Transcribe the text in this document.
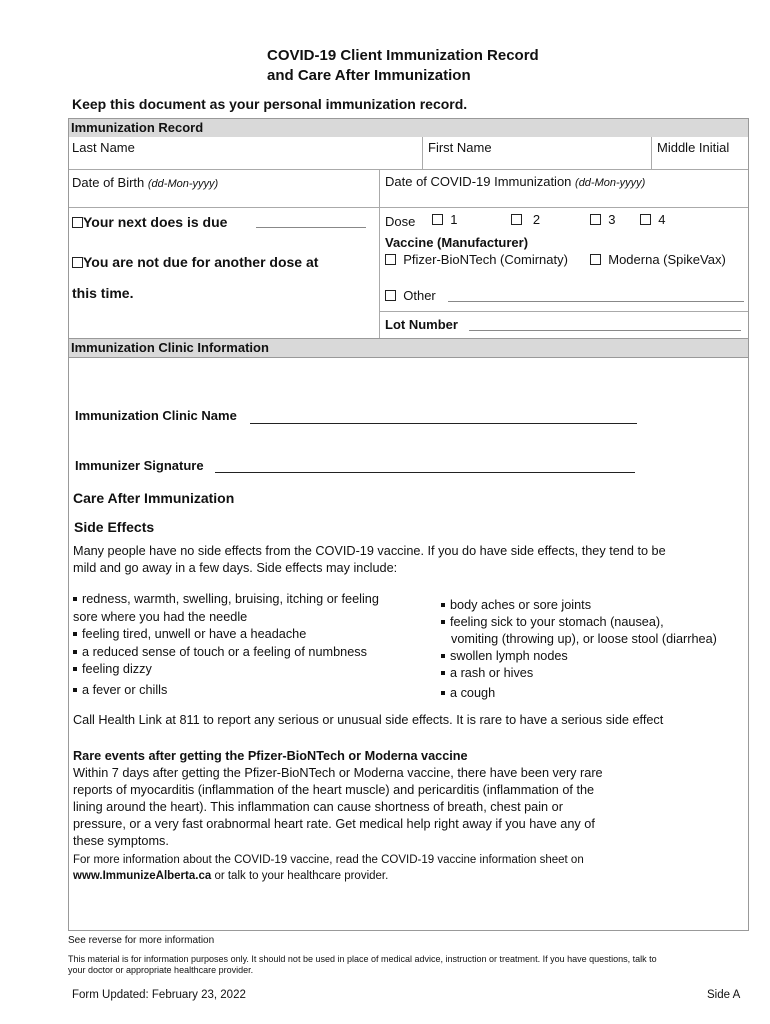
COVID-19 Client Immunization Record
and Care After Immunization
Keep this document as your personal immunization record.
Immunization Record
Last Name	First Name	Middle Initial
Date of Birth (dd-Mon-yyyy)	Date of COVID-19 Immunization (dd-Mon-yyyy)
Your next does is due
You are not due for another dose at
this time.
Dose	1	2	3	4
Vaccine (Manufacturer)
Pfizer-BioNTech (Comirnaty)	Moderna (SpikeVax)
Other
Lot Number
Immunization Clinic Information
Immunization Clinic Name
Immunizer Signature
Care After Immunization
Side Effects
Many people have no side effects from the COVID-19 vaccine. If you do have side effects, they tend to be
mild and go away in a few days. Side effects may include:
redness, warmth, swelling, bruising, itching or feeling
sore where you had the needle
feeling tired, unwell or have a headache
a reduced sense of touch or a feeling of numbness
feeling dizzy
a fever or chills
body aches or sore joints
feeling sick to your stomach (nausea),
vomiting (throwing up), or loose stool (diarrhea)
swollen lymph nodes
a rash or hives
a cough
Call Health Link at 811 to report any serious or unusual side effects. It is rare to have a serious side effect
Rare events after getting the Pfizer-BioNTech or Moderna vaccine
Within 7 days after getting the Pfizer-BioNTech or Moderna vaccine, there have been very rare
reports of myocarditis (inflammation of the heart muscle) and pericarditis (inflammation of the
lining around the heart). This inflammation can cause shortness of breath, chest pain or
pressure, or a very fast orabnormal heart rate. Get medical help right away if you have any of
these symptoms.
For more information about the COVID-19 vaccine, read the COVID-19 vaccine information sheet on
www.ImmunizeAlberta.ca or talk to your healthcare provider.
See reverse for more information
This material is for information purposes only. It should not be used in place of medical advice, instruction or treatment. If you have questions, talk to
your doctor or appropriate healthcare provider.
Form Updated: February 23, 2022	Side A
